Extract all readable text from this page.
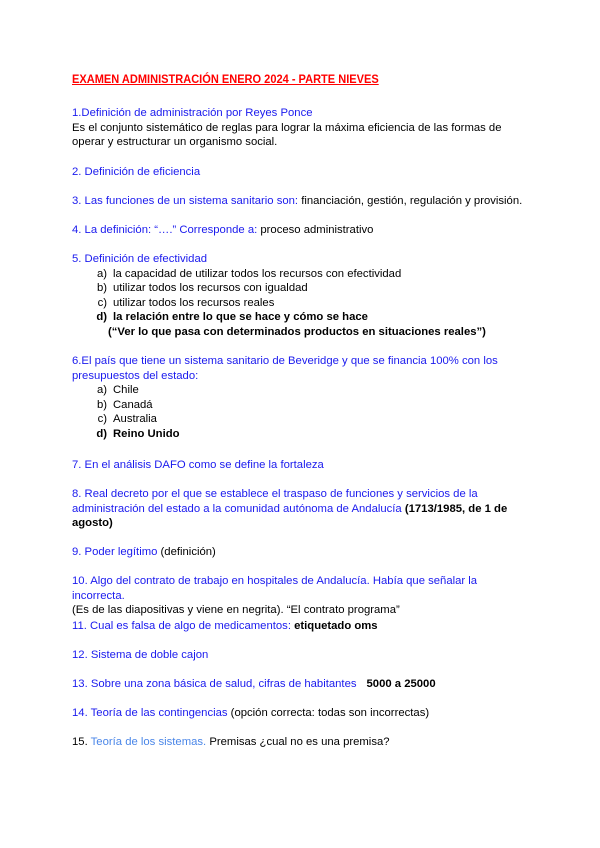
EXAMEN ADMINISTRACIÓN ENERO 2024 - PARTE NIEVES
1.Definición de administración por Reyes Ponce
Es el conjunto sistemático de reglas para lograr la máxima eficiencia de las formas de operar y estructurar un organismo social.
2. Definición de eficiencia
3. Las funciones de un sistema sanitario son: financiación, gestión, regulación y provisión.
4. La definición: “….” Corresponde a: proceso administrativo
5. Definición de efectividad
a) la capacidad de utilizar todos los recursos con efectividad
b) utilizar todos los recursos con igualdad
c) utilizar todos los recursos reales
d) la relación entre lo que se hace y cómo se hace
(“Ver lo que pasa con determinados productos en situaciones reales”)
6.El país que tiene un sistema sanitario de Beveridge y que se financia 100% con los presupuestos del estado:
a) Chile
b) Canadá
c) Australia
d) Reino Unido
7. En el análisis DAFO como se define la fortaleza
8. Real decreto por el que se establece el traspaso de funciones y servicios de la administración del estado a la comunidad autónoma de Andalucía (1713/1985, de 1 de agosto)
9. Poder legítimo (definición)
10. Algo del contrato de trabajo en hospitales de Andalucía. Había que señalar la incorrecta.
(Es de las diapositivas y viene en negrita). “El contrato programa”
11. Cual es falsa de algo de medicamentos: etiquetado oms
12. Sistema de doble cajon
13. Sobre una zona básica de salud, cifras de habitantes 5000 a 25000
14. Teoría de las contingencias (opción correcta: todas son incorrectas)
15. Teoría de los sistemas. Premisas ¿cual no es una premisa?
